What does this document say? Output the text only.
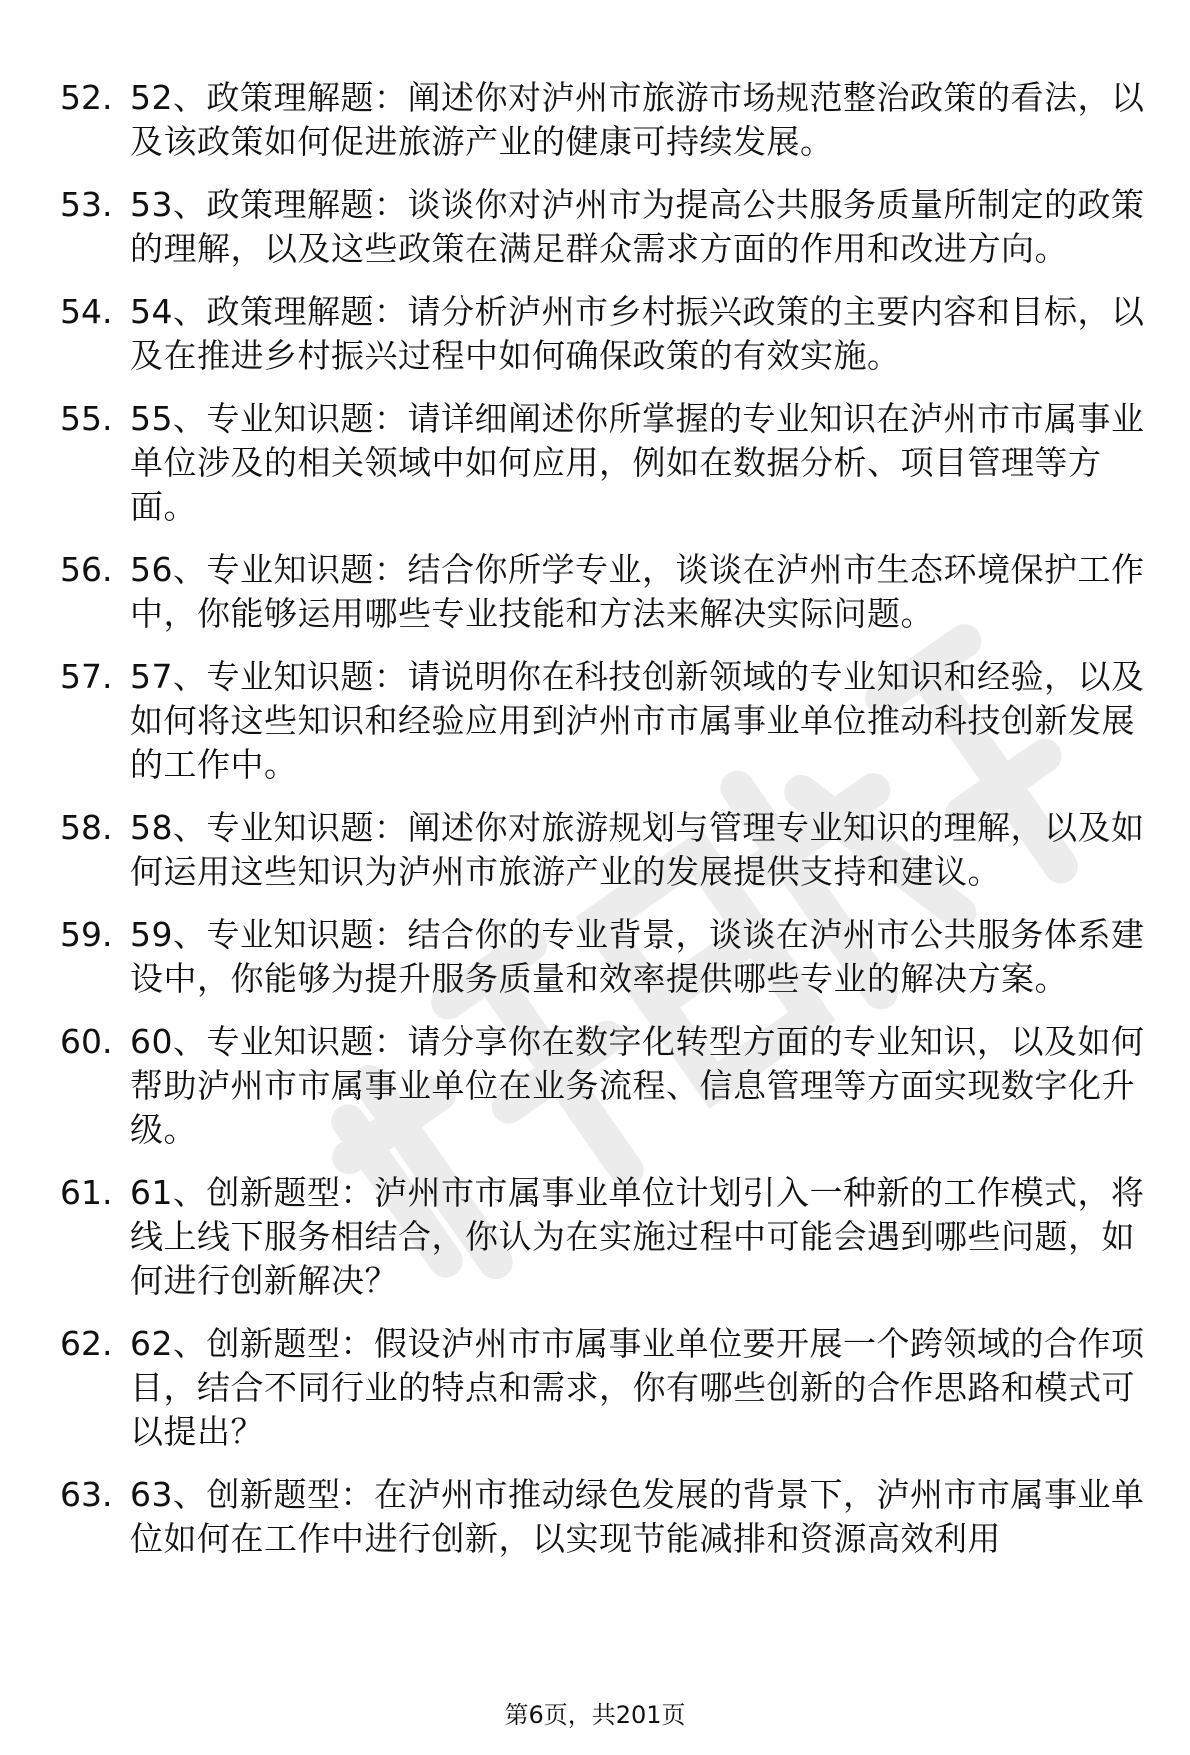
52. 52、政策理解题：阐述你对泸州市旅游市场规范整治政策的看法，以及该政策如何促进旅游产业的健康可持续发展。
53. 53、政策理解题：谈谈你对泸州市为提高公共服务质量所制定的政策的理解，以及这些政策在满足群众需求方面的作用和改进方向。
54. 54、政策理解题：请分析泸州市乡村振兴政策的主要内容和目标，以及在推进乡村振兴过程中如何确保政策的有效实施。
55. 55、专业知识题：请详细阐述你所掌握的专业知识在泸州市市属事业单位涉及的相关领域中如何应用，例如在数据分析、项目管理等方面。
56. 56、专业知识题：结合你所学专业，谈谈在泸州市生态环境保护工作中，你能够运用哪些专业技能和方法来解决实际问题。
57. 57、专业知识题：请说明你在科技创新领域的专业知识和经验，以及如何将这些知识和经验应用到泸州市市属事业单位推动科技创新发展的工作中。
58. 58、专业知识题：阐述你对旅游规划与管理专业知识的理解，以及如何运用这些知识为泸州市旅游产业的发展提供支持和建议。
59. 59、专业知识题：结合你的专业背景，谈谈在泸州市公共服务体系建设中，你能够为提升服务质量和效率提供哪些专业的解决方案。
60. 60、专业知识题：请分享你在数字化转型方面的专业知识，以及如何帮助泸州市市属事业单位在业务流程、信息管理等方面实现数字化升级。
61. 61、创新题型：泸州市市属事业单位计划引入一种新的工作模式，将线上线下服务相结合，你认为在实施过程中可能会遇到哪些问题，如何进行创新解决？
62. 62、创新题型：假设泸州市市属事业单位要开展一个跨领域的合作项目，结合不同行业的特点和需求，你有哪些创新的合作思路和模式可以提出？
63. 63、创新题型：在泸州市推动绿色发展的背景下，泸州市市属事业单位如何在工作中进行创新，以实现节能减排和资源高效利用
第6页，共201页
